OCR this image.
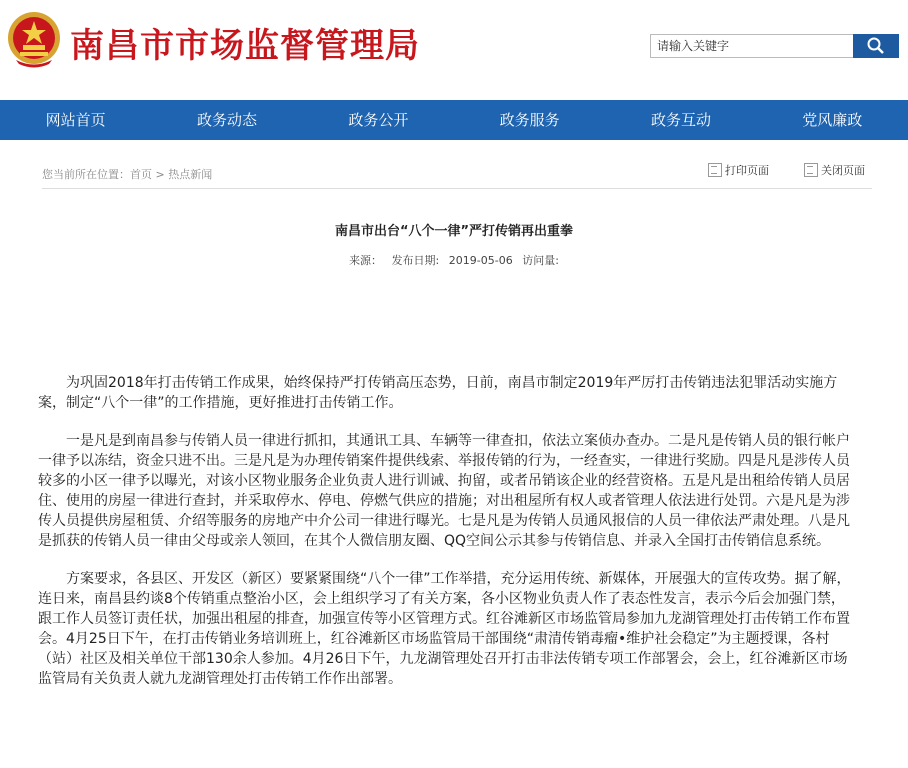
南昌市市场监督管理局
请输入关键字
网站首页	政务动态	政务公开	政务服务	政务互动	党风廉政
您当前所在位置：首页 > 热点新闻	打印页面	关闭页面
南昌市出台“八个一律”严打传销再出重拳
来源： 发布日期: 2019-05-06 访问量:

为巩固2018年打击传销工作成果，始终保持严打传销高压态势，日前，南昌市制定2019年严厉打击传销违法犯罪活动实施方案，制定“八个一律”的工作措施，更好推进打击传销工作。

一是凡是到南昌参与传销人员一律进行抓扣，其通讯工具、车辆等一律查扣，依法立案侦办查办。二是凡是传销人员的银行帐户一律予以冻结，资金只进不出。三是凡是为办理传销案件提供线索、举报传销的行为，一经查实，一律进行奖励。四是凡是涉传人员较多的小区一律予以曝光，对该小区物业服务企业负责人进行训诫、拘留，或者吊销该企业的经营资格。五是凡是出租给传销人员居住、使用的房屋一律进行查封，并采取停水、停电、停燃气供应的措施；对出租屋所有权人或者管理人依法进行处罚。六是凡是为涉传人员提供房屋租赁、介绍等服务的房地产中介公司一律进行曝光。七是凡是为传销人员通风报信的人员一律依法严肃处理。八是凡是抓获的传销人员一律由父母或亲人领回，在其个人微信朋友圈、QQ空间公示其参与传销信息、并录入全国打击传销信息系统。

方案要求，各县区、开发区（新区）要紧紧围绕“八个一律”工作举措，充分运用传统、新媒体，开展强大的宣传攻势。据了解，连日来，南昌县约谈8个传销重点整治小区，会上组织学习了有关方案，各小区物业负责人作了表态性发言，表示今后会加强门禁，跟工作人员签订责任状，加强出租屋的排查，加强宣传等小区管理方式。红谷滩新区市场监管局参加九龙湖管理处打击传销工作布置会。4月25日下午，在打击传销业务培训班上，红谷滩新区市场监管局干部围绕“肃清传销毒瘤•维护社会稳定”为主题授课，各村（站）社区及相关单位干部130余人参加。4月26日下午，九龙湖管理处召开打击非法传销专项工作部署会，会上，红谷滩新区市场监管局有关负责人就九龙湖管理处打击传销工作作出部署。
